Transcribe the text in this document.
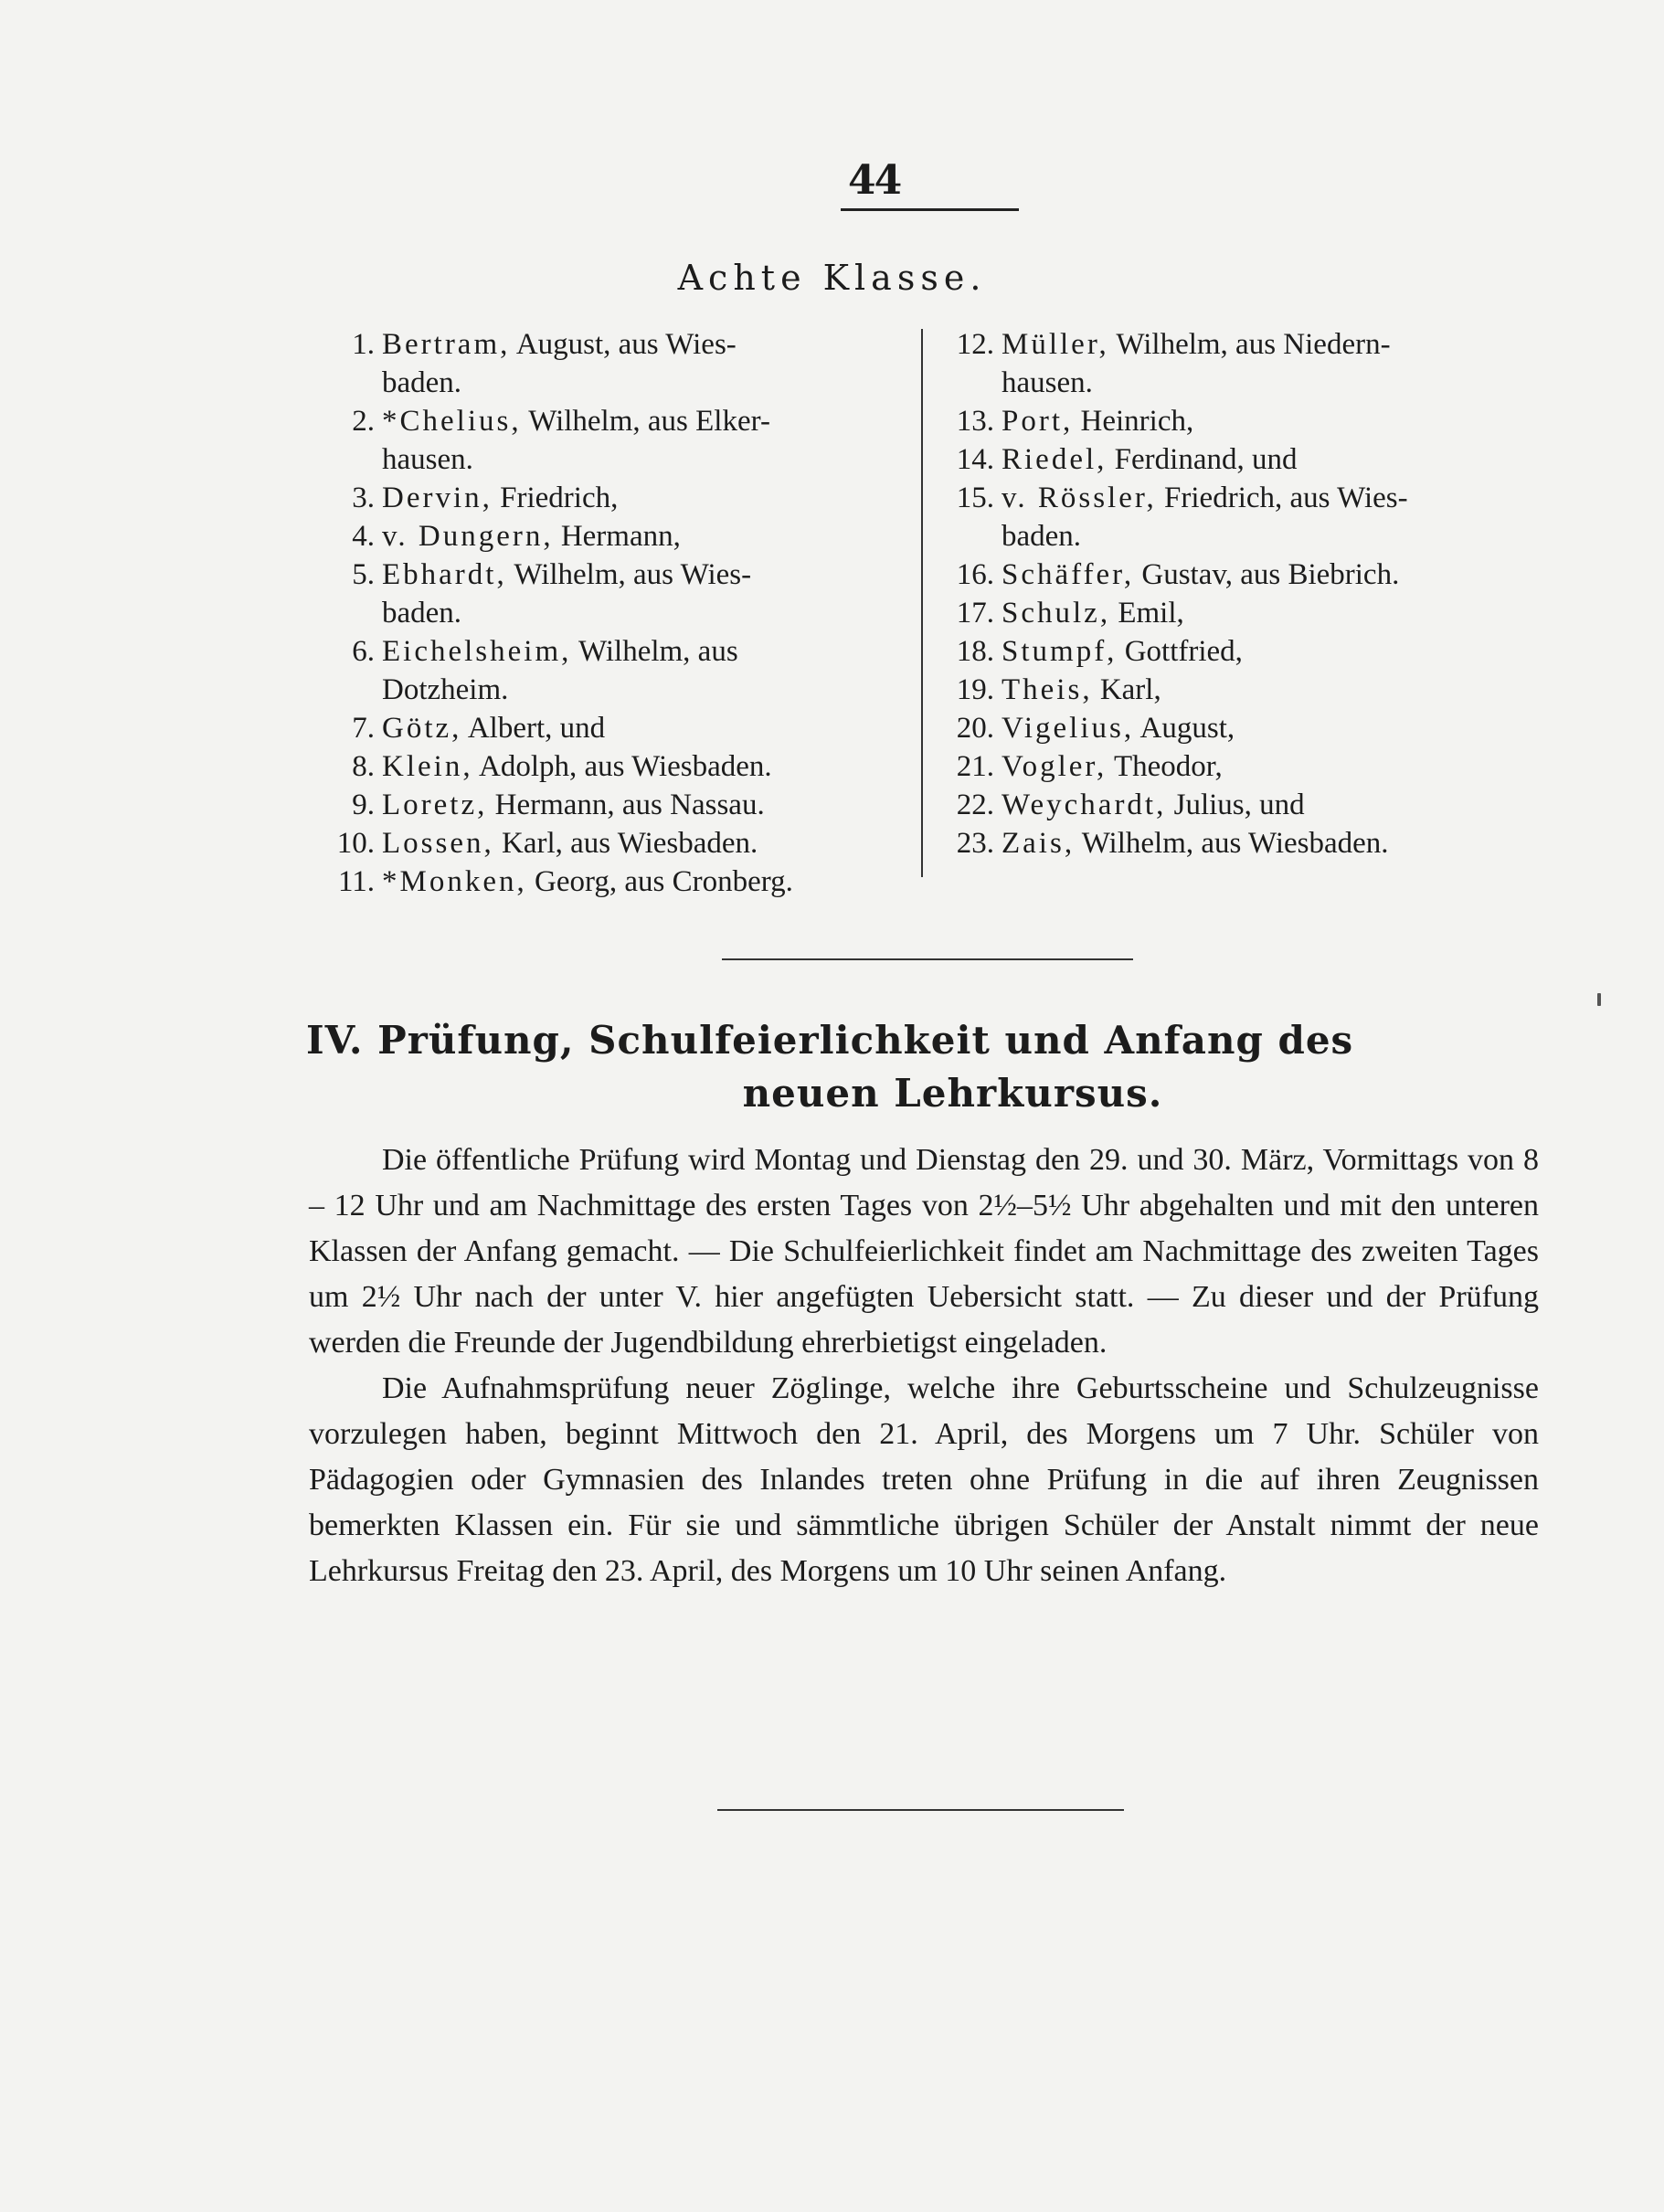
44
Achte Klasse.
1. Bertram, August, aus Wies-
baden.
2. *Chelius, Wilhelm, aus Elker-
hausen.
3. Dervin, Friedrich,
4. v. Dungern, Hermann,
5. Ebhardt, Wilhelm, aus Wies-
baden.
6. Eichelsheim, Wilhelm, aus
Dotzheim.
7. Götz, Albert, und
8. Klein, Adolph, aus Wiesbaden.
9. Loretz, Hermann, aus Nassau.
10. Lossen, Karl, aus Wiesbaden.
11. *Monken, Georg, aus Cronberg.
12. Müller, Wilhelm, aus Niedern-
hausen.
13. Port, Heinrich,
14. Riedel, Ferdinand, und
15. v. Rössler, Friedrich, aus Wies-
baden.
16. Schäffer, Gustav, aus Biebrich.
17. Schulz, Emil,
18. Stumpf, Gottfried,
19. Theis, Karl,
20. Vigelius, August,
21. Vogler, Theodor,
22. Weychardt, Julius, und
23. Zais, Wilhelm, aus Wiesbaden.
IV. Prüfung, Schulfeierlichkeit und Anfang des
neuen Lehrkursus.
Die öffentliche Prüfung wird Montag und Dienstag den 29. und 30. März, Vormittags von 8 – 12 Uhr und am Nachmittage des ersten Tages von 2½–5½ Uhr abgehalten und mit den unteren Klassen der Anfang gemacht. — Die Schulfeierlichkeit findet am Nachmittage des zweiten Tages um 2½ Uhr nach der unter V. hier angefügten Uebersicht statt. — Zu dieser und der Prüfung werden die Freunde der Jugendbildung ehrerbietigst eingeladen.
Die Aufnahmsprüfung neuer Zöglinge, welche ihre Geburtsscheine und Schulzeugnisse vorzulegen haben, beginnt Mittwoch den 21. April, des Morgens um 7 Uhr. Schüler von Pädagogien oder Gymnasien des Inlandes treten ohne Prüfung in die auf ihren Zeugnissen bemerkten Klassen ein. Für sie und sämmtliche übrigen Schüler der Anstalt nimmt der neue Lehrkursus Freitag den 23. April, des Morgens um 10 Uhr seinen Anfang.
